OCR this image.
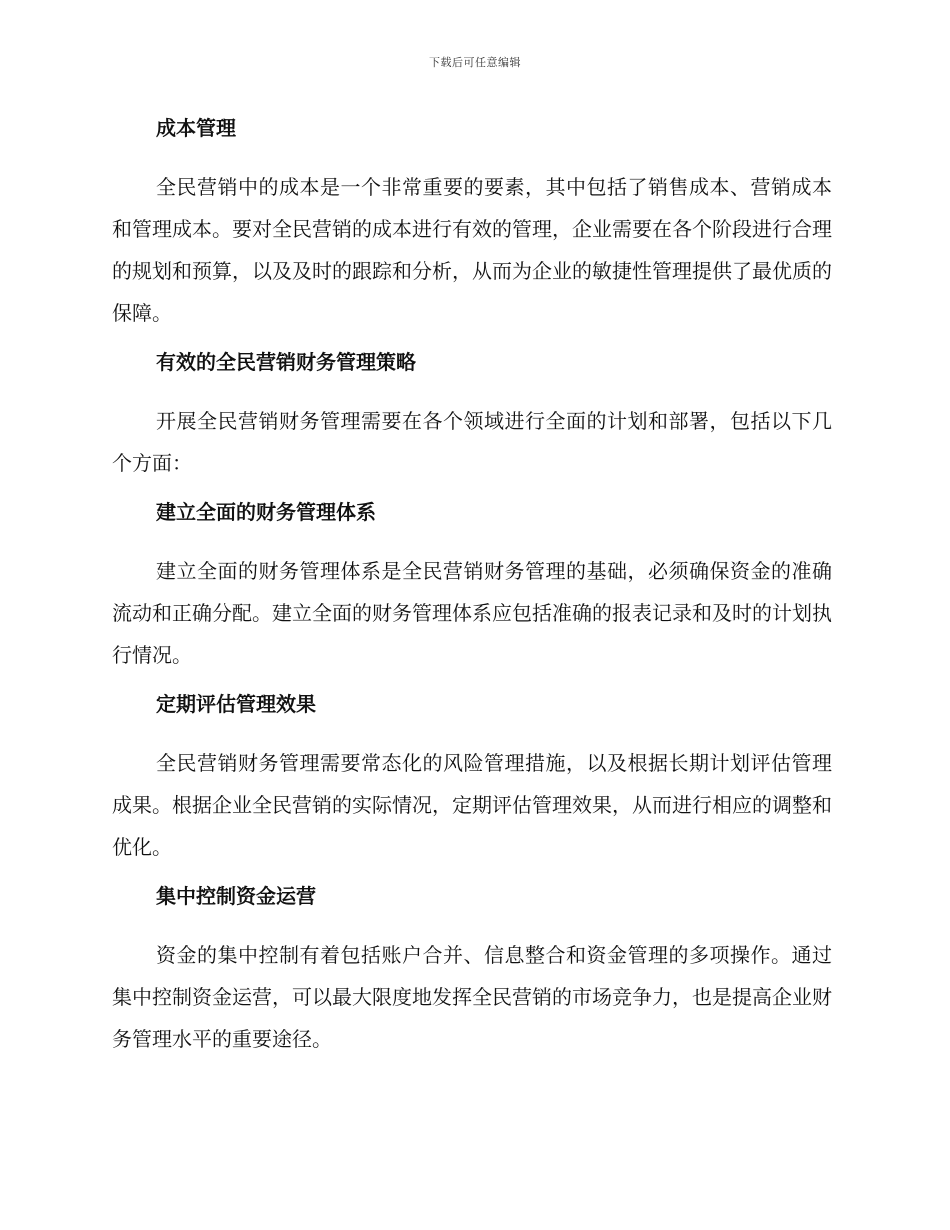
下载后可任意编辑
成本管理

全民营销中的成本是一个非常重要的要素，其中包括了销售成本、营销成本和管理成本。要对全民营销的成本进行有效的管理，企业需要在各个阶段进行合理的规划和预算，以及及时的跟踪和分析，从而为企业的敏捷性管理提供了最优质的保障。

有效的全民营销财务管理策略

开展全民营销财务管理需要在各个领域进行全面的计划和部署，包括以下几个方面：

建立全面的财务管理体系

建立全面的财务管理体系是全民营销财务管理的基础，必须确保资金的准确流动和正确分配。建立全面的财务管理体系应包括准确的报表记录和及时的计划执行情况。

定期评估管理效果

全民营销财务管理需要常态化的风险管理措施，以及根据长期计划评估管理成果。根据企业全民营销的实际情况，定期评估管理效果，从而进行相应的调整和优化。

集中控制资金运营

资金的集中控制有着包括账户合并、信息整合和资金管理的多项操作。通过集中控制资金运营，可以最大限度地发挥全民营销的市场竞争力，也是提高企业财务管理水平的重要途径。
